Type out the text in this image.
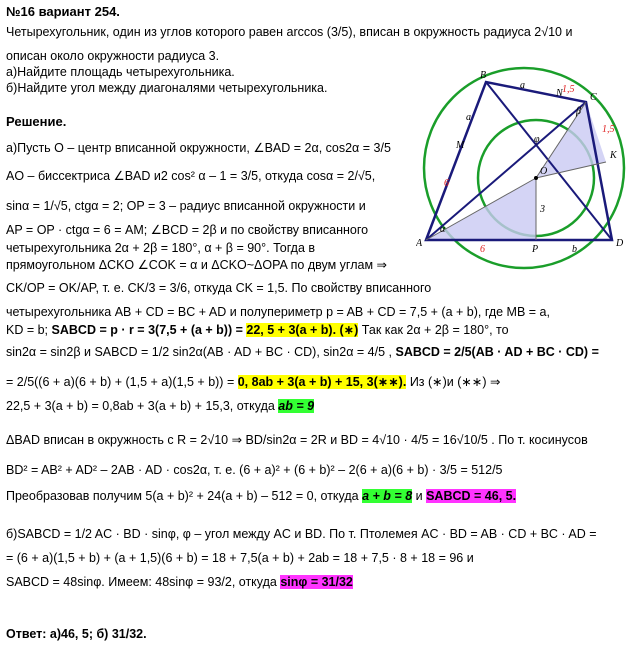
№16 вариант 254.
Четырехугольник, один из углов которого равен arccos (3/5), вписан в окружность радиуса 2√10 и
описан около окружности радиуса 3.
а)Найдите площадь четырехугольника.
б)Найдите угол между диагоналями четырехугольника.
Решение.
а)Пусть O – центр вписанной окружности, ∠BAD = 2α, cos2α = 3/5
AO – биссектриса ∠BAD и2 cos² α – 1 = 3/5, откуда cosα = 2/√5,
sinα = 1/√5, ctgα = 2; OP = 3 – радиус вписанной окружности и
AP = OP · ctgα = 6 = AM; ∠BCD = 2β и по свойству вписанного
четырехугольника 2α + 2β = 180°, α + β = 90°. Тогда в
прямоугольном ΔCKO ∠COK = α и ΔCKO~ΔOPA по двум углам ⇒
CK/OP = OK/AP, т. е. CK/3 = 3/6, откуда CK = 1,5. По свойству вписанного
четырехугольника AB + CD = BC + AD и полупериметр p = AB + CD = 7,5 + (a + b), где MB = a,
KD = b; SABCD = p · r = 3(7,5 + (a + b)) = 22, 5 + 3(a + b). (∗) Так как 2α + 2β = 180°, то
sin2α = sin2β и SABCD = 1/2 sin2α(AB · AD + BC · CD), sin2α = 4/5 , SABCD = 2/5(AB · AD + BC · CD) =
= 2/5((6 + a)(6 + b) + (1,5 + a)(1,5 + b)) = 0, 8ab + 3(a + b) + 15, 3(∗∗). Из (∗)и (∗∗) ⇒
22,5 + 3(a + b) = 0,8ab + 3(a + b) + 15,3, откуда ab = 9
ΔBAD вписан в окружность с R = 2√10 ⇒ BD/sin2α = 2R и BD = 4√10 · 4/5 = 16√10/5 . По т. косинусов
BD² = AB² + AD² – 2AB · AD · cos2α, т. е. (6 + a)² + (6 + b)² – 2(6 + a)(6 + b) · 3/5 = 512/5
Преобразовав получим 5(a + b)² + 24(a + b) – 512 = 0, откуда a + b = 8 и SABCD = 46, 5.
б)SABCD = 1/2 AC · BD · sinφ, φ – угол между AC и BD. По т. Птолемея AC · BD = AB · CD + BC · AD =
= (6 + a)(1,5 + b) + (a + 1,5)(6 + b) = 18 + 7,5(a + b) + 2ab = 18 + 7,5 · 8 + 18 = 96 и
SABCD = 48sinφ. Имеем: 48sinφ = 93/2, откуда sinφ = 31/32
Ответ: а)46, 5; б) 31/32.
A
B
C
D
M
N
K
P
O
6
6	b
a
a
1,5
1,5
3
φ
α
β
